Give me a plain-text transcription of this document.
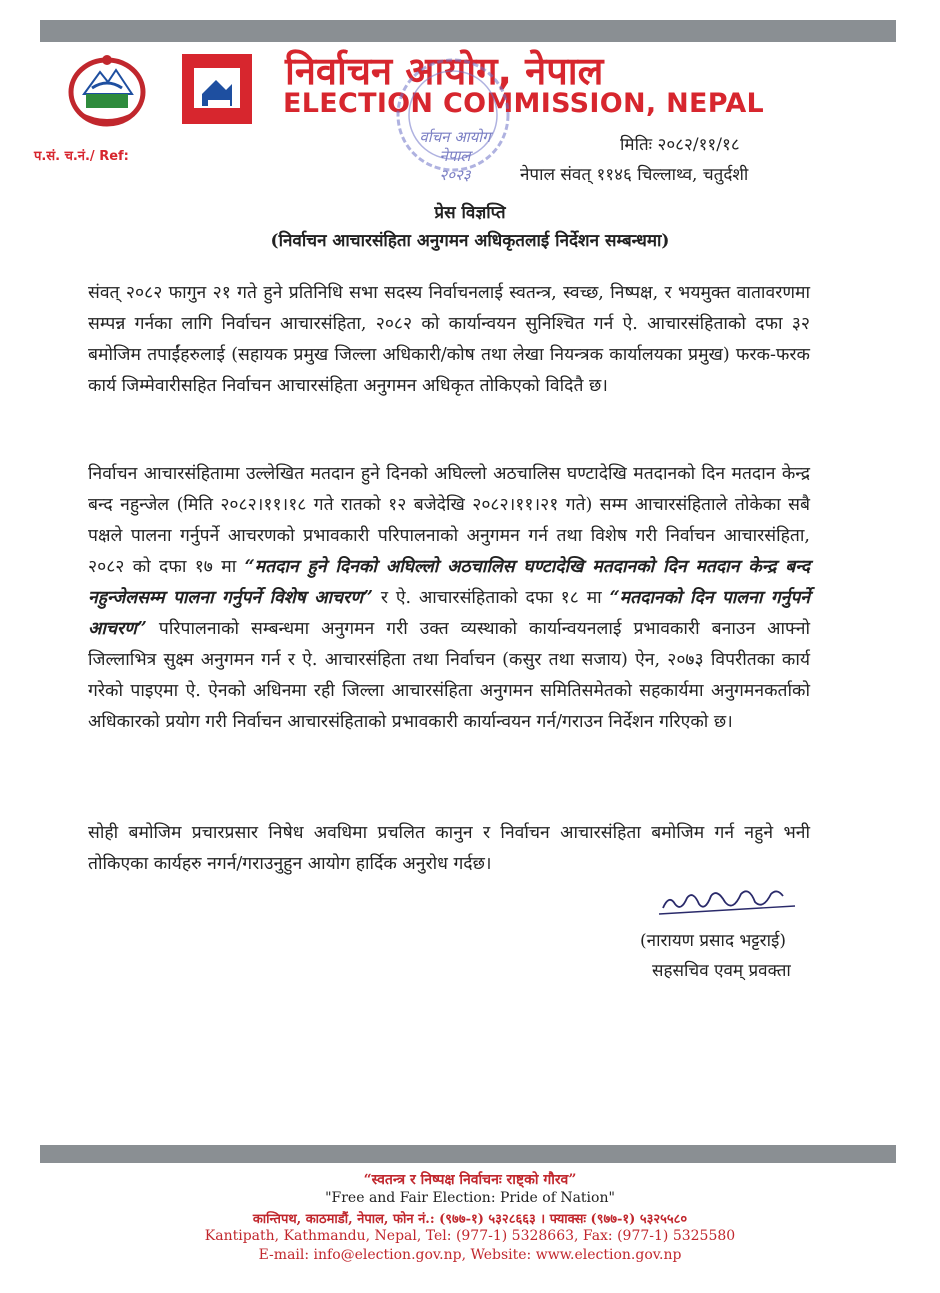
निर्वाचन आयोग, नेपाल
ELECTION COMMISSION, NEPAL
र्वाचन आयोग
नेपाल
२०२३
प.सं. च.नं./ Ref:
मितिः २०८२/११/१८
नेपाल संवत् ११४६ चिल्लाथ्व, चतुर्दशी
प्रेस विज्ञप्ति
(निर्वाचन आचारसंहिता अनुगमन अधिकृतलाई निर्देशन सम्बन्धमा)

संवत् २०८२ फागुन २१ गते हुने प्रतिनिधि सभा सदस्य निर्वाचनलाई स्वतन्त्र, स्वच्छ, निष्पक्ष, र भयमुक्त वातावरणमा सम्पन्न गर्नका लागि निर्वाचन आचारसंहिता, २०८२ को कार्यान्वयन सुनिश्चित गर्न ऐ. आचारसंहिताको दफा ३२ बमोजिम तपाईंहरुलाई (सहायक प्रमुख जिल्ला अधिकारी/कोष तथा लेखा नियन्त्रक कार्यालयका प्रमुख) फरक-फरक कार्य जिम्मेवारीसहित निर्वाचन आचारसंहिता अनुगमन अधिकृत तोकिएको विदितै छ।

निर्वाचन आचारसंहितामा उल्लेखित मतदान हुने दिनको अघिल्लो अठचालिस घण्टादेखि मतदानको दिन मतदान केन्द्र बन्द नहुन्जेल (मिति २०८२।११।१८ गते रातको १२ बजेदेखि २०८२।११।२१ गते) सम्म आचारसंहिताले तोकेका सबै पक्षले पालना गर्नुपर्ने आचरणको प्रभावकारी परिपालनाको अनुगमन गर्न तथा विशेष गरी निर्वाचन आचारसंहिता, २०८२ को दफा १७ मा “मतदान हुने दिनको अघिल्लो अठचालिस घण्टादेखि मतदानको दिन मतदान केन्द्र बन्द नहुन्जेलसम्म पालना गर्नुपर्ने विशेष आचरण” र ऐ. आचारसंहिताको दफा १८ मा “मतदानको दिन पालना गर्नुपर्ने आचरण” परिपालनाको सम्बन्धमा अनुगमन गरी उक्त व्यस्थाको कार्यान्वयनलाई प्रभावकारी बनाउन आफ्नो जिल्लाभित्र सुक्ष्म अनुगमन गर्न र ऐ. आचारसंहिता तथा निर्वाचन (कसुर तथा सजाय) ऐन, २०७३ विपरीतका कार्य गरेको पाइएमा ऐ. ऐनको अधिनमा रही जिल्ला आचारसंहिता अनुगमन समितिसमेतको सहकार्यमा अनुगमनकर्ताको अधिकारको प्रयोग गरी निर्वाचन आचारसंहिताको प्रभावकारी कार्यान्वयन गर्न/गराउन निर्देशन गरिएको छ।

सोही बमोजिम प्रचारप्रसार निषेध अवधिमा प्रचलित कानुन र निर्वाचन आचारसंहिता बमोजिम गर्न नहुने भनी तोकिएका कार्यहरु नगर्न/गराउनुहुन आयोग हार्दिक अनुरोध गर्दछ।

(नारायण प्रसाद भट्टराई)
सहसचिव एवम् प्रवक्ता
“स्वतन्त्र र निष्पक्ष निर्वाचनः राष्ट्को गौरव”
"Free and Fair Election: Pride of Nation"
कान्तिपथ, काठमाडौं, नेपाल, फोन नं.: (९७७-१) ५३२८६६३ । फ्याक्सः (९७७-१) ५३२५५८०
Kantipath, Kathmandu, Nepal, Tel: (977-1) 5328663, Fax: (977-1) 5325580
E-mail: info@election.gov.np, Website: www.election.gov.np
